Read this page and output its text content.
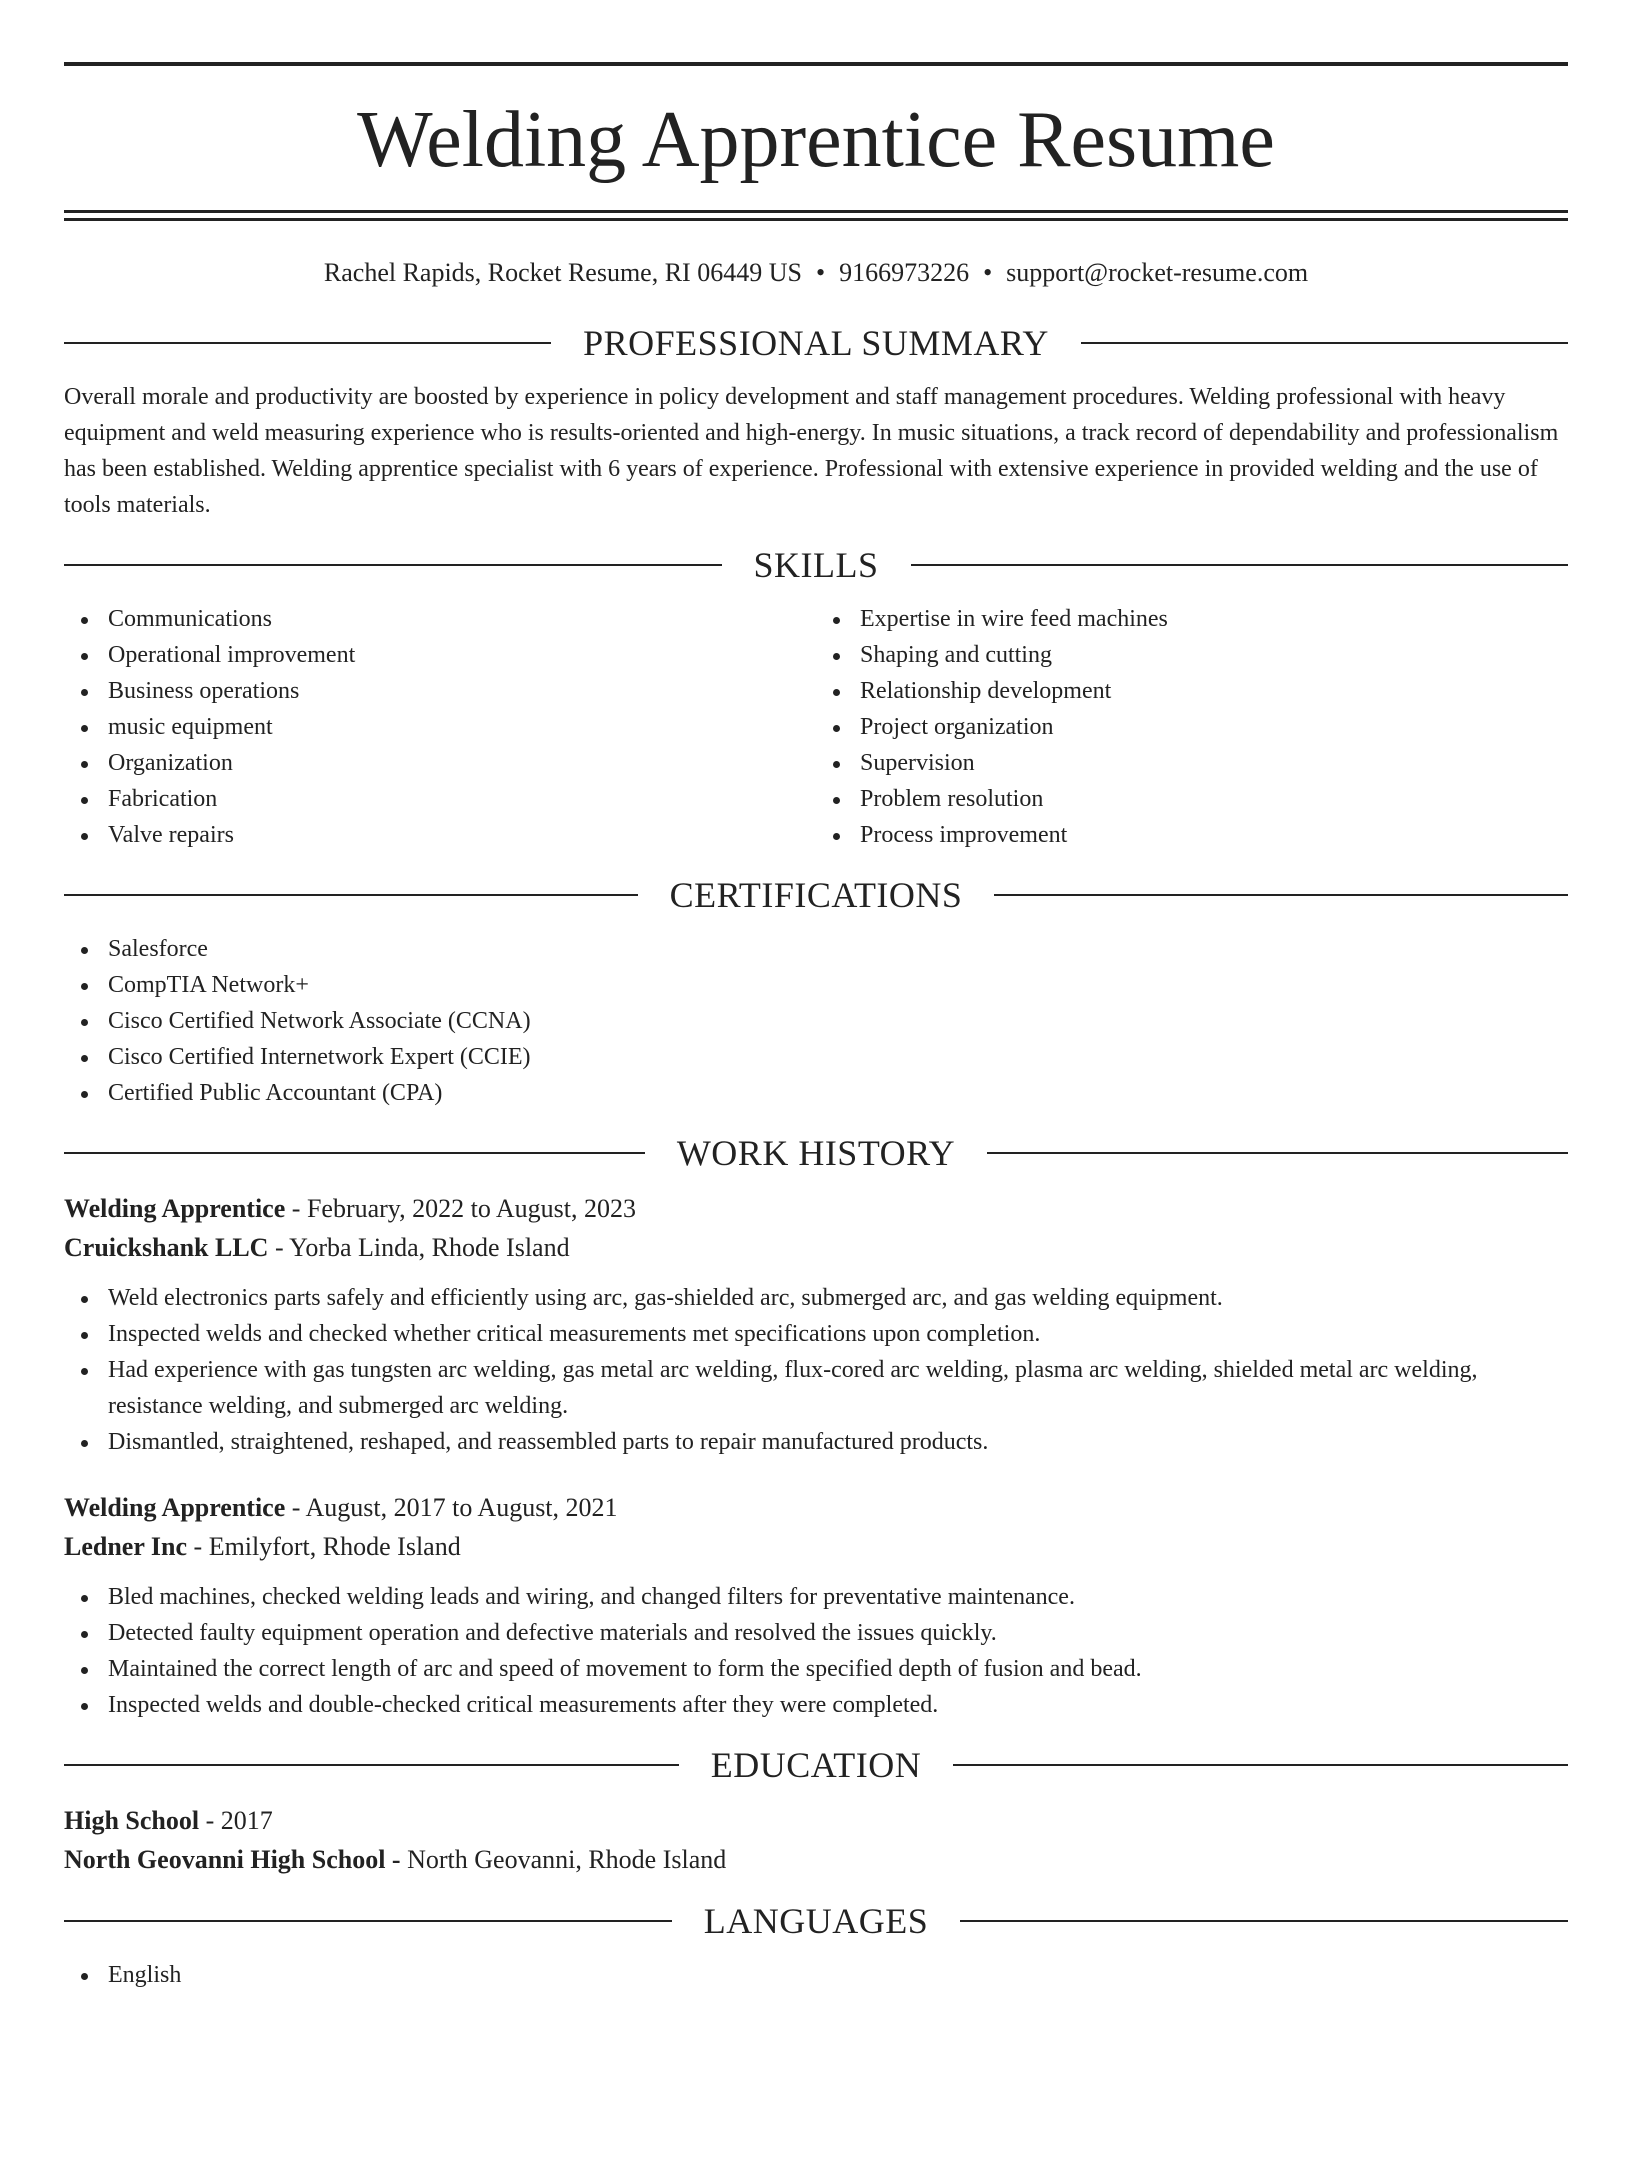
Welding Apprentice Resume
Rachel Rapids, Rocket Resume, RI 06449 US • 9166973226 • support@rocket-resume.com
PROFESSIONAL SUMMARY
Overall morale and productivity are boosted by experience in policy development and staff management procedures. Welding professional with heavy equipment and weld measuring experience who is results-oriented and high-energy. In music situations, a track record of dependability and professionalism has been established. Welding apprentice specialist with 6 years of experience. Professional with extensive experience in provided welding and the use of tools materials.
SKILLS
Communications
Operational improvement
Business operations
music equipment
Organization
Fabrication
Valve repairs
Expertise in wire feed machines
Shaping and cutting
Relationship development
Project organization
Supervision
Problem resolution
Process improvement
CERTIFICATIONS
Salesforce
CompTIA Network+
Cisco Certified Network Associate (CCNA)
Cisco Certified Internetwork Expert (CCIE)
Certified Public Accountant (CPA)
WORK HISTORY
Welding Apprentice - February, 2022 to August, 2023
Cruickshank LLC - Yorba Linda, Rhode Island
Weld electronics parts safely and efficiently using arc, gas-shielded arc, submerged arc, and gas welding equipment.
Inspected welds and checked whether critical measurements met specifications upon completion.
Had experience with gas tungsten arc welding, gas metal arc welding, flux-cored arc welding, plasma arc welding, shielded metal arc welding, resistance welding, and submerged arc welding.
Dismantled, straightened, reshaped, and reassembled parts to repair manufactured products.
Welding Apprentice - August, 2017 to August, 2021
Ledner Inc - Emilyfort, Rhode Island
Bled machines, checked welding leads and wiring, and changed filters for preventative maintenance.
Detected faulty equipment operation and defective materials and resolved the issues quickly.
Maintained the correct length of arc and speed of movement to form the specified depth of fusion and bead.
Inspected welds and double-checked critical measurements after they were completed.
EDUCATION
High School - 2017
North Geovanni High School - North Geovanni, Rhode Island
LANGUAGES
English
